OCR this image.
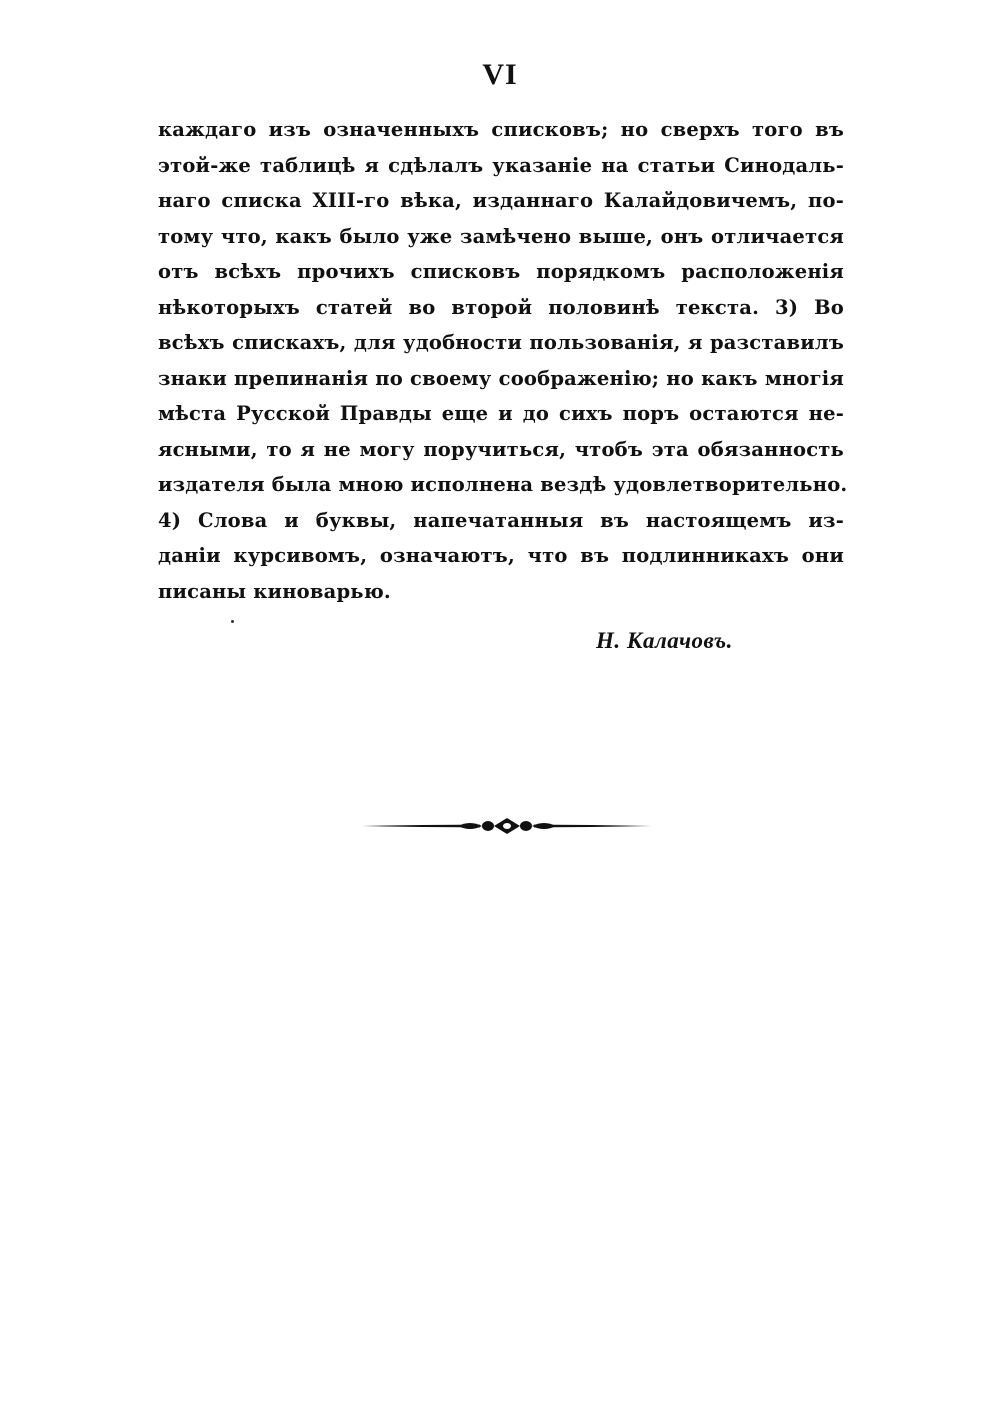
VI
каждаго изъ означенныхъ списковъ; но сверхъ того въ
этой-же таблицѣ я сдѣлалъ указаніе на статьи Синодаль-
наго списка XIII-го вѣка, изданнаго Калайдовичемъ, по-
тому что, какъ было уже замѣчено выше, онъ отличается
отъ всѣхъ прочихъ списковъ порядкомъ расположенія
нѣкоторыхъ статей во второй половинѣ текста. 3) Во
всѣхъ спискахъ, для удобности пользованія, я разставилъ
знаки препинанія по своему соображенію; но какъ многія
мѣста Русской Правды еще и до сихъ поръ остаются не-
ясными, то я не могу поручиться, чтобъ эта обязанность
издателя была мною исполнена вездѣ удовлетворительно.
4) Слова и буквы, напечатанныя въ настоящемъ из-
даніи курсивомъ, означаютъ, что въ подлинникахъ они
писаны киноварью.
Н. Калачовъ.
